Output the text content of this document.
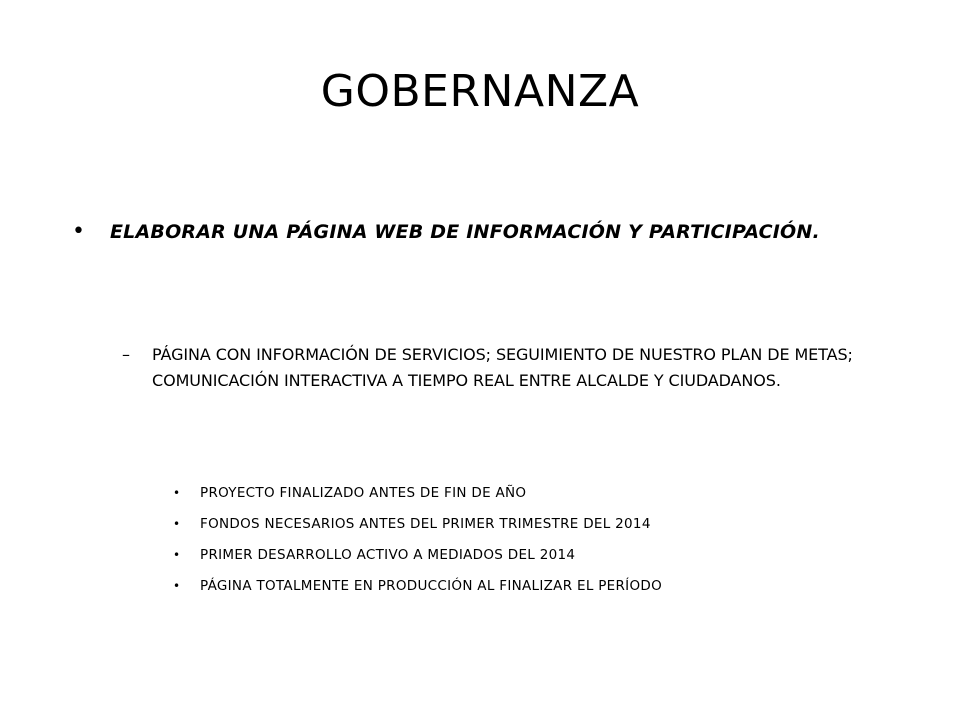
GOBERNANZA
• ELABORAR UNA PÁGINA WEB DE INFORMACIÓN Y PARTICIPACIÓN.
– PÁGINA CON INFORMACIÓN DE SERVICIOS; SEGUIMIENTO DE NUESTRO PLAN DE METAS; COMUNICACIÓN INTERACTIVA A TIEMPO REAL ENTRE ALCALDE Y CIUDADANOS.
• PROYECTO FINALIZADO ANTES DE FIN DE AÑO
• FONDOS NECESARIOS ANTES DEL PRIMER TRIMESTRE DEL 2014
• PRIMER DESARROLLO ACTIVO A MEDIADOS DEL 2014
• PÁGINA TOTALMENTE EN PRODUCCIÓN AL FINALIZAR EL PERÍODO
